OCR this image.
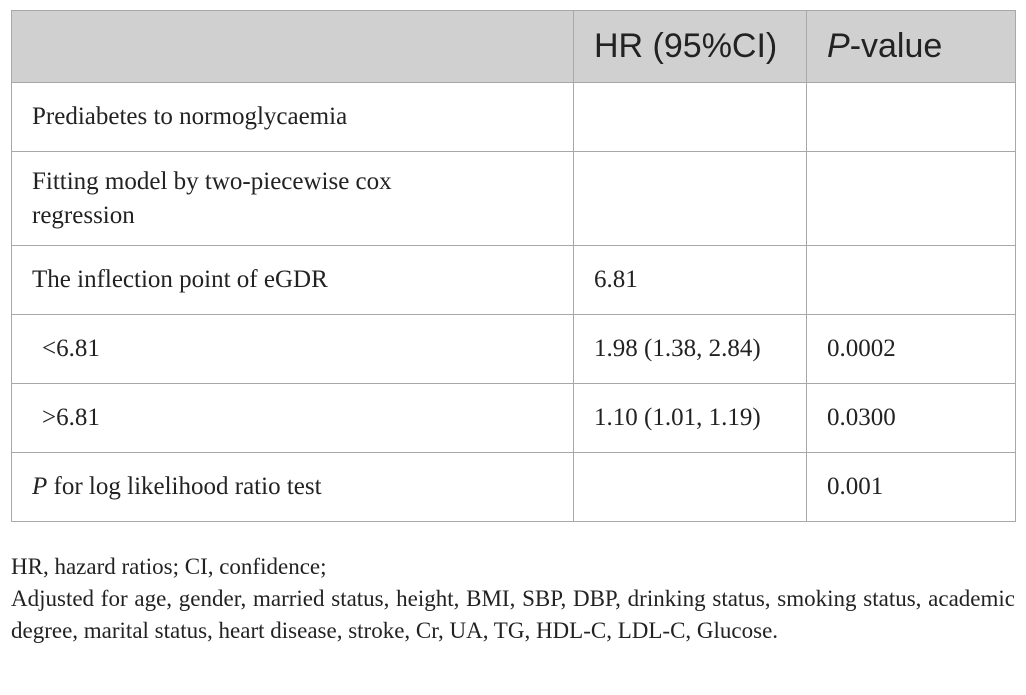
	HR (95%CI)	P-value
Prediabetes to normoglycaemia		

Fitting model by two-piecewise cox regression		

The inflection point of eGDR	6.81	
<6.81	1.98 (1.38, 2.84)	0.0002
>6.81	1.10 (1.01, 1.19)	0.0300
P for log likelihood ratio test		0.001

HR, hazard ratios; CI, confidence;

Adjusted for age, gender, married status, height, BMI, SBP, DBP, drinking status, smoking status, academic degree, marital status, heart disease, stroke, Cr, UA, TG, HDL-C, LDL-C, Glucose.
